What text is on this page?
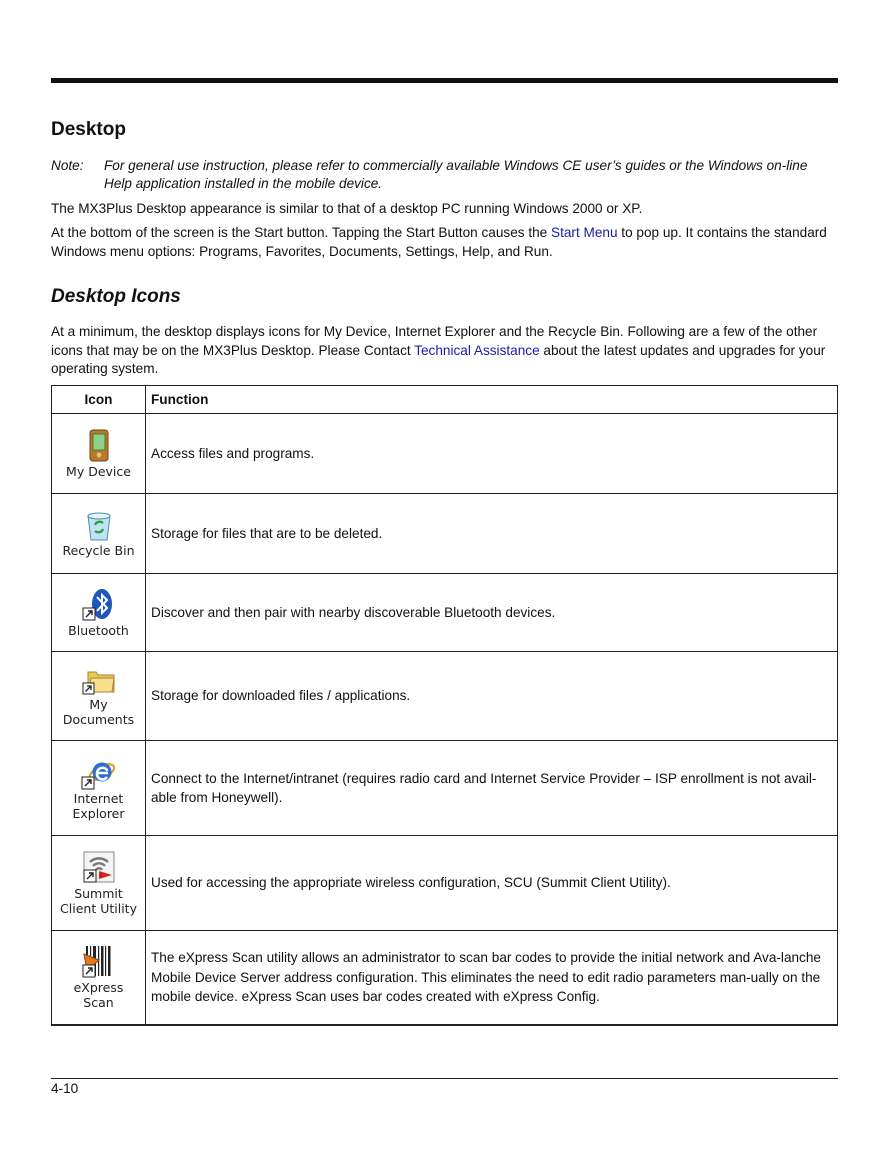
Desktop
Note: For general use instruction, please refer to commercially available Windows CE user’s guides or the Windows on-line
Help application installed in the mobile device.

The MX3Plus Desktop appearance is similar to that of a desktop PC running Windows 2000 or XP.

At the bottom of the screen is the Start button. Tapping the Start Button causes the Start Menu to pop up. It contains the standard Windows menu options: Programs, Favorites, Documents, Settings, Help, and Run.

Desktop Icons

At a minimum, the desktop displays icons for My Device, Internet Explorer and the Recycle Bin. Following are a few of the other icons that may be on the MX3Plus Desktop. Please Contact Technical Assistance about the latest updates and upgrades for your operating system.

Icon	Function

My Device	Access files and programs.

Recycle Bin	Storage for files that are to be deleted.

Bluetooth	Discover and then pair with nearby discoverable Bluetooth devices.

My
Documents	Storage for downloaded files / applications.

Internet
Explorer	Connect to the Internet/intranet (requires radio card and Internet Service Provider – ISP enrollment is not avail-able from Honeywell).

Summit
Client Utility	Used for accessing the appropriate wireless configuration, SCU (Summit Client Utility).

eXpress
Scan	The eXpress Scan utility allows an administrator to scan bar codes to provide the initial network and Ava-lanche Mobile Device Server address configuration. This eliminates the need to edit radio parameters man-ually on the mobile device. eXpress Scan uses bar codes created with eXpress Config.
4-10
